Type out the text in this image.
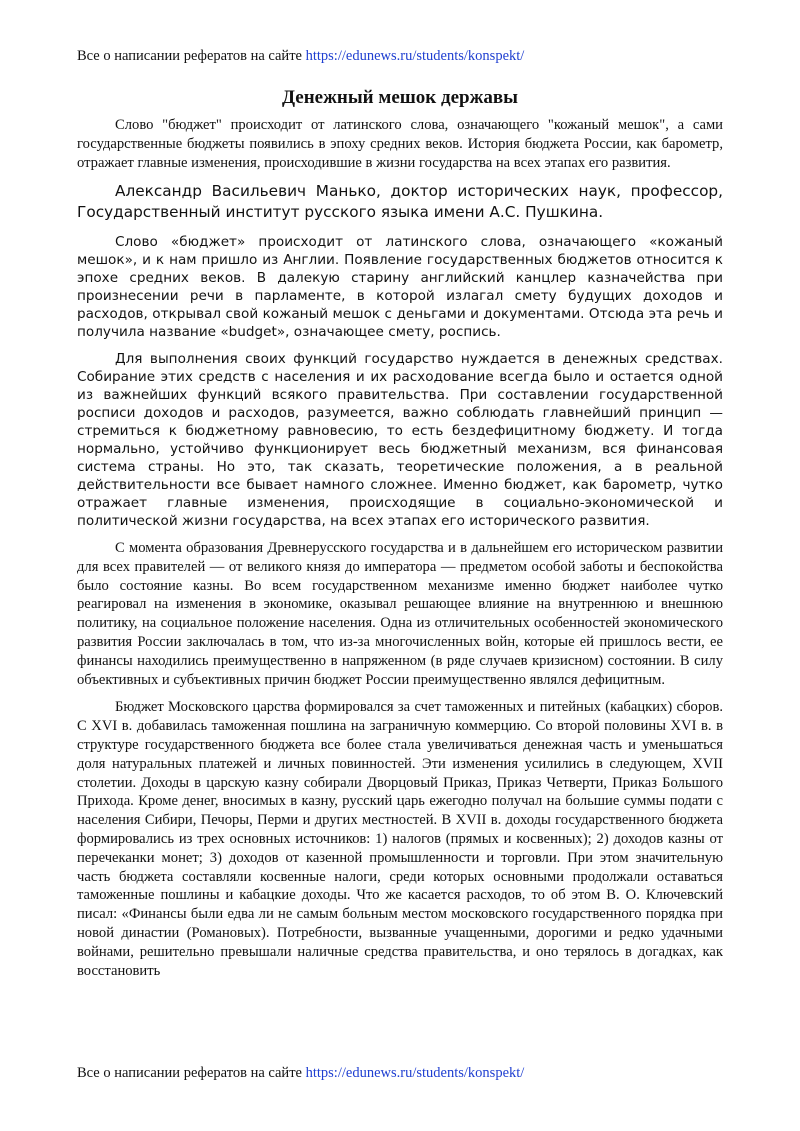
Все о написании рефератов на сайте https://edunews.ru/students/konspekt/
Денежный мешок державы

Слово "бюджет" происходит от латинского слова, означающего "кожаный мешок", а сами государственные бюджеты появились в эпоху средних веков. История бюджета России, как барометр, отражает главные изменения, происходившие в жизни государства на всех этапах его развития.

Александр Васильевич Манько, доктор исторических наук, профессор, Государственный институт русского языка имени А.С. Пушкина.

Слово «бюджет» происходит от латинского слова, означающего «кожаный мешок», и к нам пришло из Англии. Появление государственных бюджетов относится к эпохе средних веков. В далекую старину английский канцлер казначейства при произнесении речи в парламенте, в которой излагал смету будущих доходов и расходов, открывал свой кожаный мешок с деньгами и документами. Отсюда эта речь и получила название «budget», означающее смету, роспись.

Для выполнения своих функций государство нуждается в денежных средствах. Собирание этих средств с населения и их расходование всегда было и остается одной из важнейших функций всякого правительства. При составлении государственной росписи доходов и расходов, разумеется, важно соблюдать главнейший принцип — стремиться к бюджетному равновесию, то есть бездефицитному бюджету. И тогда нормально, устойчиво функционирует весь бюджетный механизм, вся финансовая система страны. Но это, так сказать, теоретические положения, а в реальной действительности все бывает намного сложнее. Именно бюджет, как барометр, чутко отражает главные изменения, происходящие в социально-экономической и политической жизни государства, на всех этапах его исторического развития.

С момента образования Древнерусского государства и в дальнейшем его историческом развитии для всех правителей — от великого князя до императора — предметом особой заботы и беспокойства было состояние казны. Во всем государственном механизме именно бюджет наиболее чутко реагировал на изменения в экономике, оказывал решающее влияние на внутреннюю и внешнюю политику, на социальное положение населения. Одна из отличительных особенностей экономического развития России заключалась в том, что из-за многочисленных войн, которые ей пришлось вести, ее финансы находились преимущественно в напряженном (в ряде случаев кризисном) состоянии. В силу объективных и субъективных причин бюджет России преимущественно являлся дефицитным.

Бюджет Московского царства формировался за счет таможенных и питейных (кабацких) сборов. С XVI в. добавилась таможенная пошлина на заграничную коммерцию. Со второй половины XVI в. в структуре государственного бюджета все более стала увеличиваться денежная часть и уменьшаться доля натуральных платежей и личных повинностей. Эти изменения усилились в следующем, XVII столетии. Доходы в царскую казну собирали Дворцовый Приказ, Приказ Четверти, Приказ Большого Прихода. Кроме денег, вносимых в казну, русский царь ежегодно получал на большие суммы подати с населения Сибири, Печоры, Перми и других местностей. В XVII в. доходы государственного бюджета формировались из трех основных источников: 1) налогов (прямых и косвенных); 2) доходов казны от перечеканки монет; 3) доходов от казенной промышленности и торговли. При этом значительную часть бюджета составляли косвенные налоги, среди которых основными продолжали оставаться таможенные пошлины и кабацкие доходы. Что же касается расходов, то об этом В. О. Ключевский писал: «Финансы были едва ли не самым больным местом московского государственного порядка при новой династии (Романовых). Потребности, вызванные учащенными, дорогими и редко удачными войнами, решительно превышали наличные средства правительства, и оно терялось в догадках, как восстановить

Все о написании рефератов на сайте https://edunews.ru/students/konspekt/
